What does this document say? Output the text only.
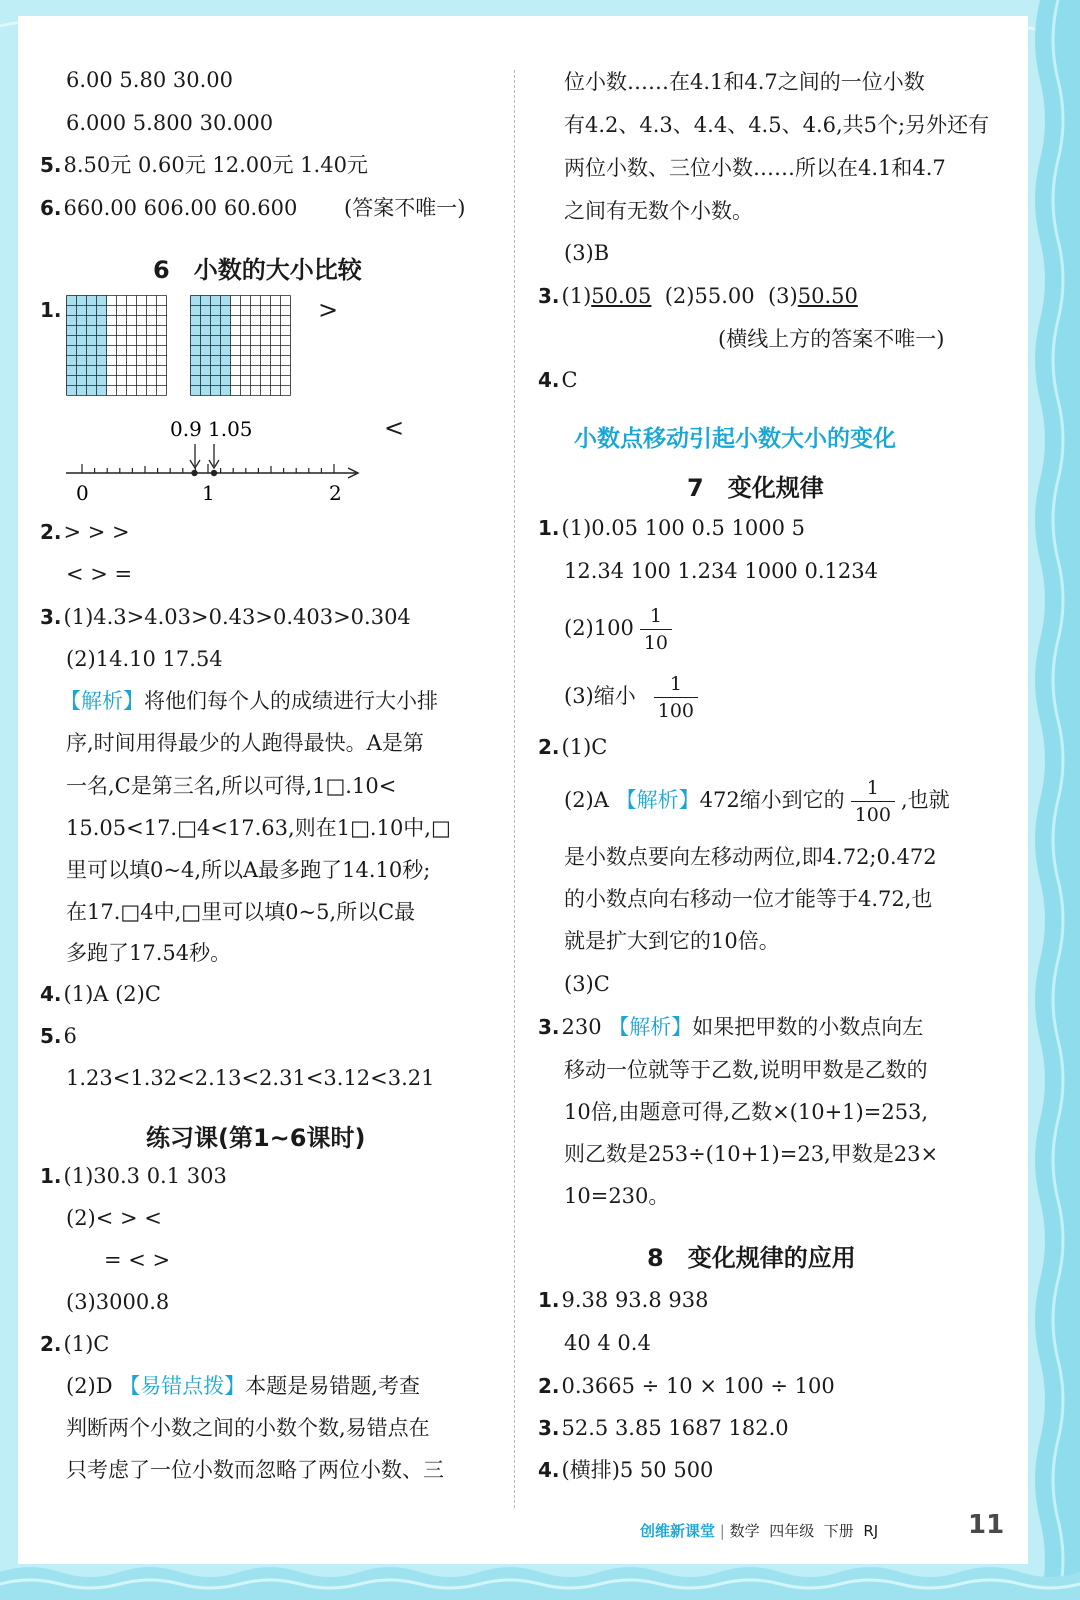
6.00 5.80 30.00
6.000 5.800 30.000
5.8.50元 0.60元 12.00元 1.40元
6.660.00 606.00 60.600 (答案不唯一)
6　小数的大小比较
1.	>
0.9 1.05
0	1	2
<
2.> > >
< > =
3.(1)4.3>4.03>0.43>0.403>0.304
(2)14.10 17.54
【解析】将他们每个人的成绩进行大小排
序,时间用得最少的人跑得最快。A是第
一名,C是第三名,所以可得,1□.10<
15.05<17.□4<17.63,则在1□.10中,□
里可以填0~4,所以A最多跑了14.10秒;
在17.□4中,□里可以填0~5,所以C最
多跑了17.54秒。
4.(1)A (2)C
5.6
1.23<1.32<2.13<2.31<3.12<3.21
练习课(第1~6课时)
1.(1)30.3 0.1 303
(2)< > <
= < >
(3)3000.8
2.(1)C
(2)D 【易错点拨】本题是易错题,考查
判断两个小数之间的小数个数,易错点在
只考虑了一位小数而忽略了两位小数、三
位小数……在4.1和4.7之间的一位小数
有4.2、4.3、4.4、4.5、4.6,共5个;另外还有
两位小数、三位小数……所以在4.1和4.7
之间有无数个小数。
(3)B
3.(1)50.05  (2)55.00  (3)50.50
(横线上方的答案不唯一)
4.C
小数点移动引起小数大小的变化
7　变化规律
1.(1)0.05 100 0.5 1000 5
12.34 100 1.234 1000 0.1234
$(2)100 \frac{1}{10}$
(3)缩小 $\frac{1}{100}$
2.(1)C
(2)A 【解析】472缩小到它的 $\frac{1}{100}$ ,也就
是小数点要向左移动两位,即4.72;0.472
的小数点向右移动一位才能等于4.72,也
就是扩大到它的10倍。
(3)C
3.230 【解析】如果把甲数的小数点向左
移动一位就等于乙数,说明甲数是乙数的
10倍,由题意可得,乙数×(10+1)=253,
则乙数是253÷(10+1)=23,甲数是23×
10=230。
8　变化规律的应用
1.9.38 93.8 938
40 4 0.4
2.0.3665 ÷ 10 × 100 ÷ 100
3.52.5 3.85 1687 182.0
4.(横排)5 50 500
创维新课堂 | 数学 四年级 下册 RJ	11
